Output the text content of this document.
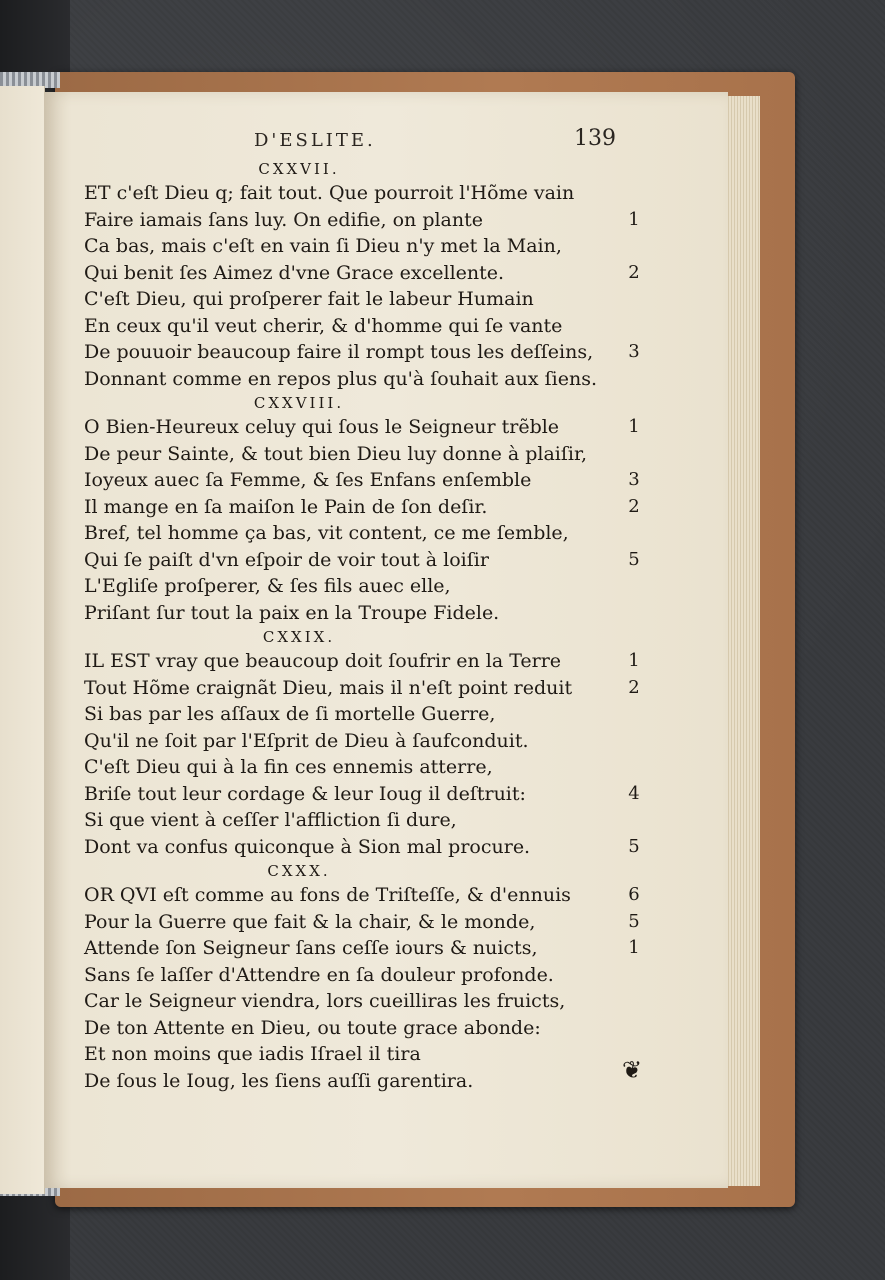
D'ESLITE.	139
CXXVII.
ET c'eſt Dieu q; fait tout. Que pourroit l'Hõme vain
Faire iamais ſans luy. On edifie, on plante	1
Ca bas, mais c'eſt en vain ſi Dieu n'y met la Main,
Qui benit ſes Aimez d'vne Grace excellente.	2
C'eſt Dieu, qui proſperer fait le labeur Humain
En ceux qu'il veut cherir, & d'homme qui ſe vante
De pouuoir beaucoup faire il rompt tous les deſſeins,	3
Donnant comme en repos plus qu'à ſouhait aux ſiens.
CXXVIII.
O Bien-Heureux celuy qui ſous le Seigneur trẽble	1
De peur Sainte, & tout bien Dieu luy donne à plaiſir,
Ioyeux auec ſa Femme, & ſes Enfans enſemble	3
Il mange en ſa maiſon le Pain de ſon deſir.	2
Bref, tel homme ça bas, vit content, ce me ſemble,
Qui ſe paiſt d'vn eſpoir de voir tout à loiſir	5
L'Egliſe proſperer, & ſes fils auec elle,
Priſant ſur tout la paix en la Troupe Fidele.
CXXIX.
IL EST vray que beaucoup doit ſoufrir en la Terre	1
Tout Hõme craignãt Dieu, mais il n'eſt point reduit	2
Si bas par les aſſaux de ſi mortelle Guerre,
Qu'il ne ſoit par l'Eſprit de Dieu à ſaufconduit.
C'eſt Dieu qui à la fin ces ennemis atterre,
Briſe tout leur cordage & leur Ioug il deſtruit:	4
Si que vient à ceſſer l'affliction ſi dure,
Dont va confus quiconque à Sion mal procure.	5
CXXX.
OR QVI eſt comme au fons de Triſteſſe, & d'ennuis	6
Pour la Guerre que fait & la chair, & le monde,	5
Attende ſon Seigneur ſans ceſſe iours & nuicts,	1
Sans ſe laſſer d'Attendre en ſa douleur profonde.
Car le Seigneur viendra, lors cueilliras les fruicts,
De ton Attente en Dieu, ou toute grace abonde:
Et non moins que iadis Iſrael il tira
De ſous le Ioug, les ſiens auſſi garentira.	❦
